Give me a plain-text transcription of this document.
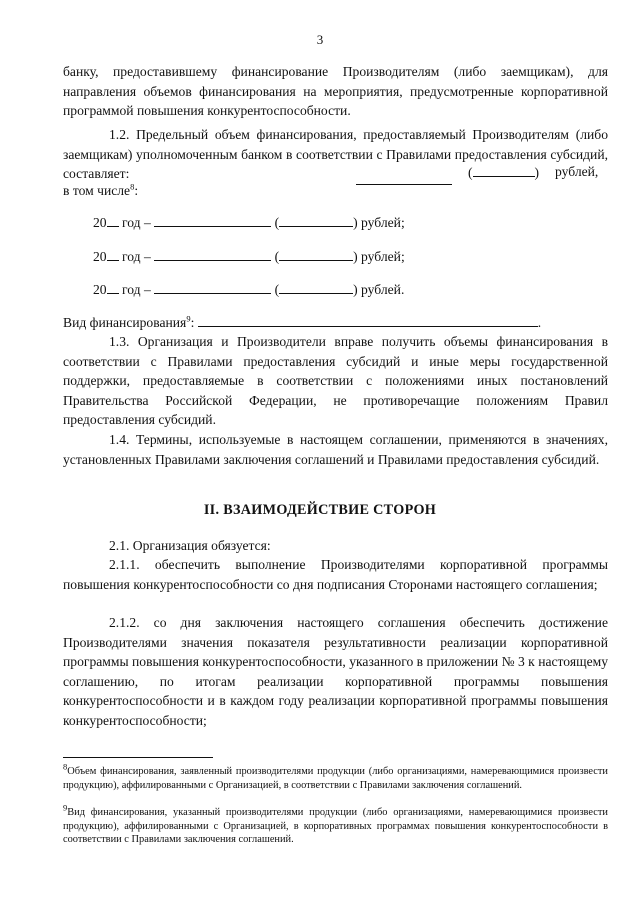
3

банку, предоставившему финансирование Производителям (либо заемщикам), для направления объемов финансирования на мероприятия, предусмотренные корпоративной программой повышения конкурентоспособности.

1.2. Предельный объем финансирования, предоставляемый Производителям (либо заемщикам) уполномоченным банком в соответствии с Правилами предоставления субсидий, составляет:	(	) рублей,
в том числе$^8$:
20 год –	(	) рублей;
20 год –	(	) рублей;
20 год –	(	) рублей.
Вид финансирования$^9$:	.

1.3. Организация и Производители вправе получить объемы финансирования в соответствии с Правилами предоставления субсидий и иные меры государственной поддержки, предоставляемые в соответствии с положениями иных постановлений Правительства Российской Федерации, не противоречащие положениям Правил предоставления субсидий.

1.4. Термины, используемые в настоящем соглашении, применяются в значениях, установленных Правилами заключения соглашений и Правилами предоставления субсидий.

II. ВЗАИМОДЕЙСТВИЕ СТОРОН

2.1. Организация обязуется:

2.1.1. обеспечить выполнение Производителями корпоративной программы повышения конкурентоспособности со дня подписания Сторонами настоящего соглашения;

2.1.2. со дня заключения настоящего соглашения обеспечить достижение Производителями значения показателя результативности реализации корпоративной программы повышения конкурентоспособности, указанного в приложении № 3 к настоящему соглашению, по итогам реализации корпоративной программы повышения конкурентоспособности и в каждом году реализации корпоративной программы повышения конкурентоспособности;

$^8$Объем финансирования, заявленный производителями продукции (либо организациями, намеревающимися произвести продукцию), аффилированными с Организацией, в соответствии с Правилами заключения соглашений.

$^9$Вид финансирования, указанный производителями продукции (либо организациями, намеревающимися произвести продукцию), аффилированными с Организацией, в корпоративных программах повышения конкурентоспособности в соответствии с Правилами заключения соглашений.
